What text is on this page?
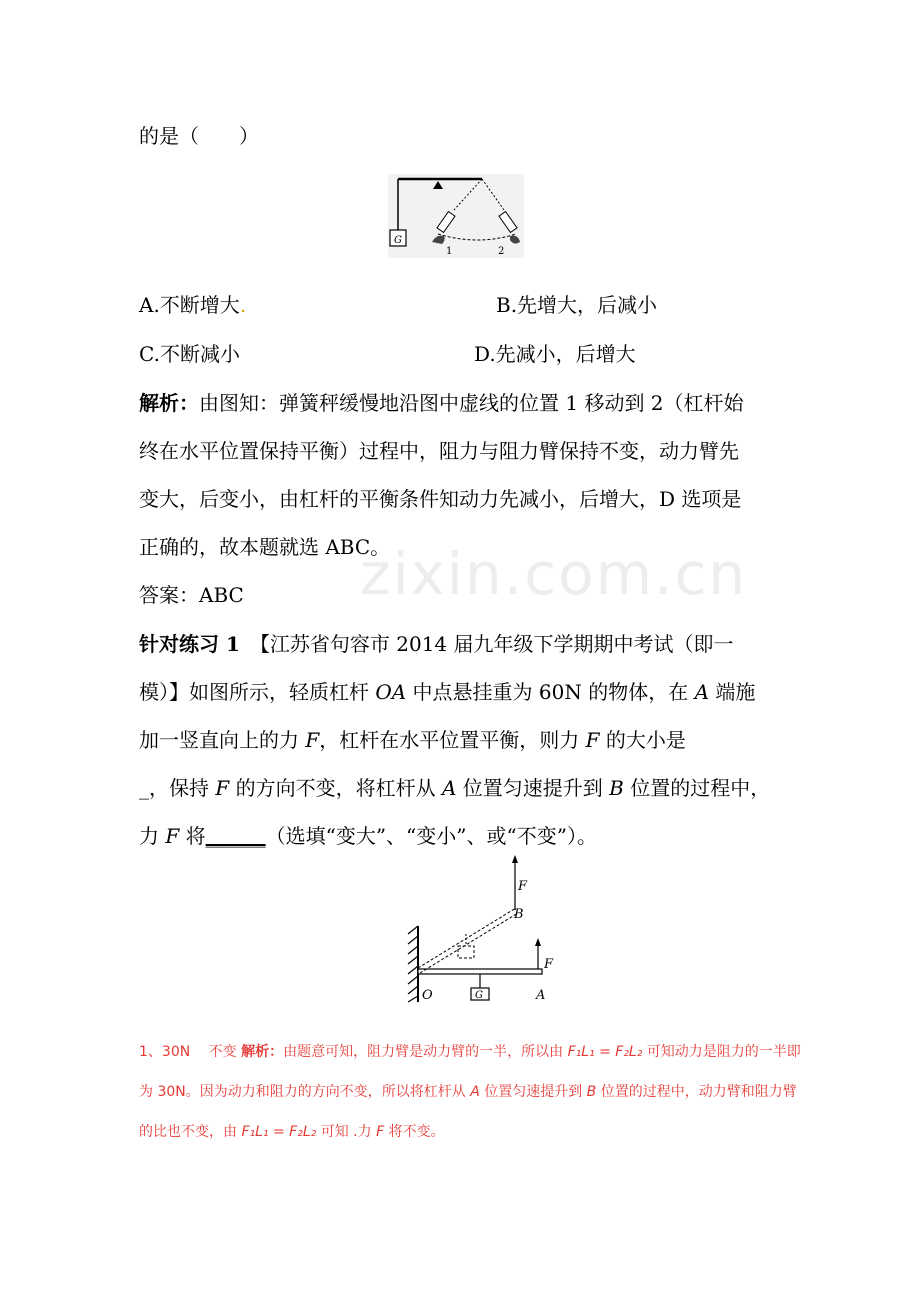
zixin.com.cn
的是（　　）
G
1	2
A.不断增大.	B.先增大，后减小
C.不断减小	D.先减小，后增大
解析：由图知：弹簧秤缓慢地沿图中虚线的位置 1 移动到 2（杠杆始
终在水平位置保持平衡）过程中，阻力与阻力臂保持不变，动力臂先
变大，后变小，由杠杆的平衡条件知动力先减小，后增大，D 选项是
正确的，故本题就选 ABC。
答案：ABC
针对练习 1　 【江苏省句容市 2014 届九年级下学期期中考试（即一
模）】如图所示，轻质杠杆 OA 中点悬挂重为 60N 的物体，在 A 端施
加一竖直向上的力 F，杠杆在水平位置平衡，则力 F 的大小是
_，保持 F 的方向不变，将杠杆从 A 位置匀速提升到 B 位置的过程中，
力 F 将______（选填“变大”、“变小”、或“不变”）。
F
B
F
O	G	A
1、30N　 不变 解析：由题意可知，阻力臂是动力臂的一半，所以由 F₁L₁ = F₂L₂ 可知动力是阻力的一半即
为 30N。因为动力和阻力的方向不变，所以将杠杆从 A 位置匀速提升到 B 位置的过程中，动力臂和阻力臂
的比也不变，由 F₁L₁ = F₂L₂ 可知 .力 F 将不变。
